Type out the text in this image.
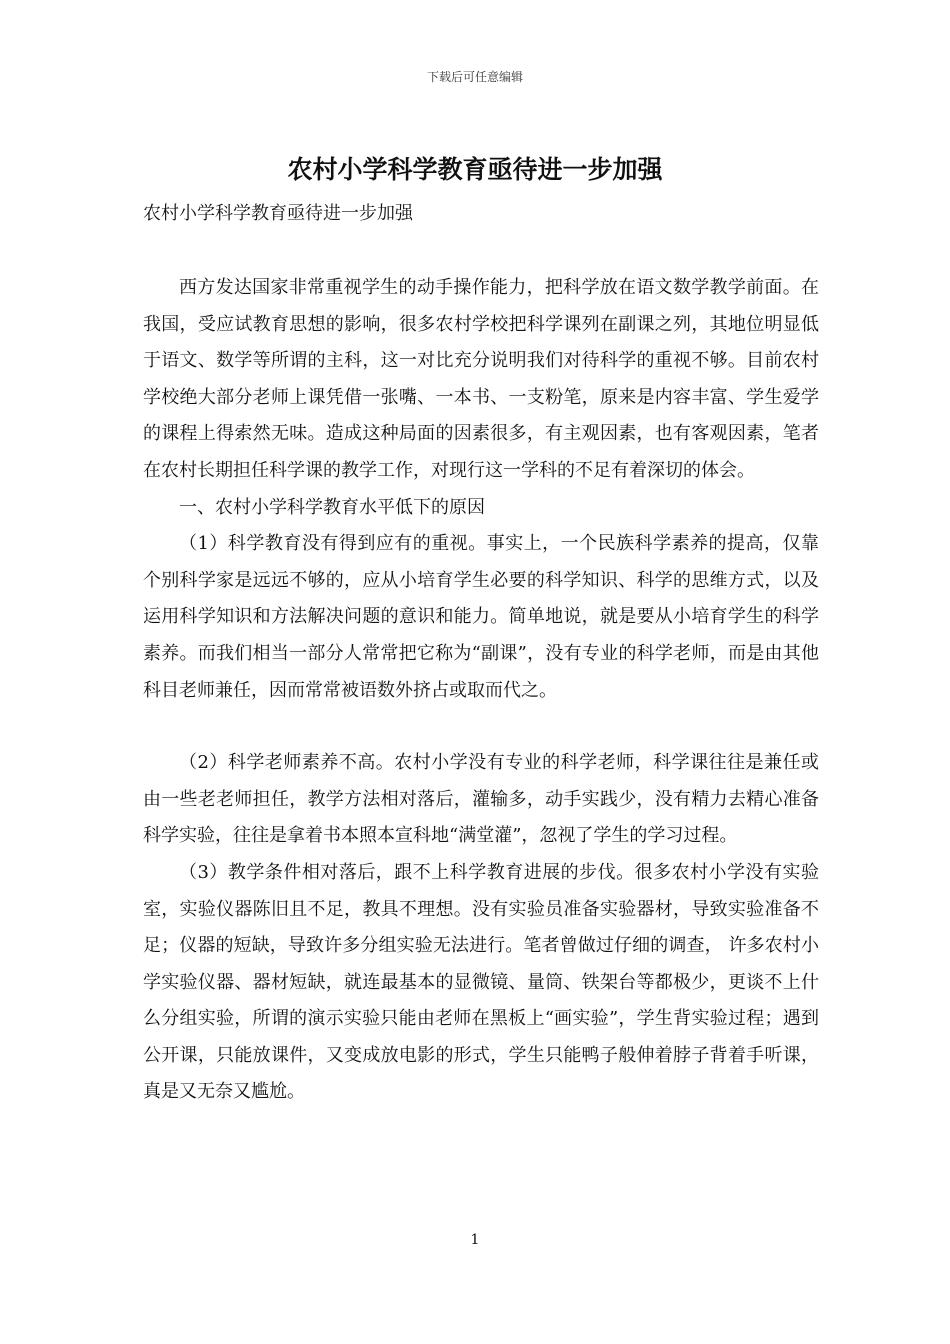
下载后可任意编辑
农村小学科学教育亟待进一步加强

农村小学科学教育亟待进一步加强

西方发达国家非常重视学生的动手操作能力，把科学放在语文数学教学前面。在我国，受应试教育思想的影响，很多农村学校把科学课列在副课之列，其地位明显低于语文、数学等所谓的主科，这一对比充分说明我们对待科学的重视不够。目前农村学校绝大部分老师上课凭借一张嘴、一本书、一支粉笔，原来是内容丰富、学生爱学的课程上得索然无味。造成这种局面的因素很多，有主观因素，也有客观因素，笔者在农村长期担任科学课的教学工作，对现行这一学科的不足有着深切的体会。

一、农村小学科学教育水平低下的原因

（1）科学教育没有得到应有的重视。事实上，一个民族科学素养的提高，仅靠个别科学家是远远不够的，应从小培育学生必要的科学知识、科学的思维方式，以及运用科学知识和方法解决问题的意识和能力。简单地说，就是要从小培育学生的科学素养。而我们相当一部分人常常把它称为“副课”，没有专业的科学老师，而是由其他科目老师兼任，因而常常被语数外挤占或取而代之。

（2）科学老师素养不高。农村小学没有专业的科学老师，科学课往往是兼任或由一些老老师担任，教学方法相对落后，灌输多，动手实践少，没有精力去精心准备科学实验，往往是拿着书本照本宣科地“满堂灌”，忽视了学生的学习过程。

（3）教学条件相对落后，跟不上科学教育进展的步伐。很多农村小学没有实验室，实验仪器陈旧且不足，教具不理想。没有实验员准备实验器材，导致实验准备不足；仪器的短缺，导致许多分组实验无法进行。笔者曾做过仔细的调查， 许多农村小学实验仪器、器材短缺，就连最基本的显微镜、量筒、铁架台等都极少，更谈不上什么分组实验，所谓的演示实验只能由老师在黑板上“画实验”，学生背实验过程；遇到公开课，只能放课件，又变成放电影的形式，学生只能鸭子般伸着脖子背着手听课，真是又无奈又尴尬。

1
